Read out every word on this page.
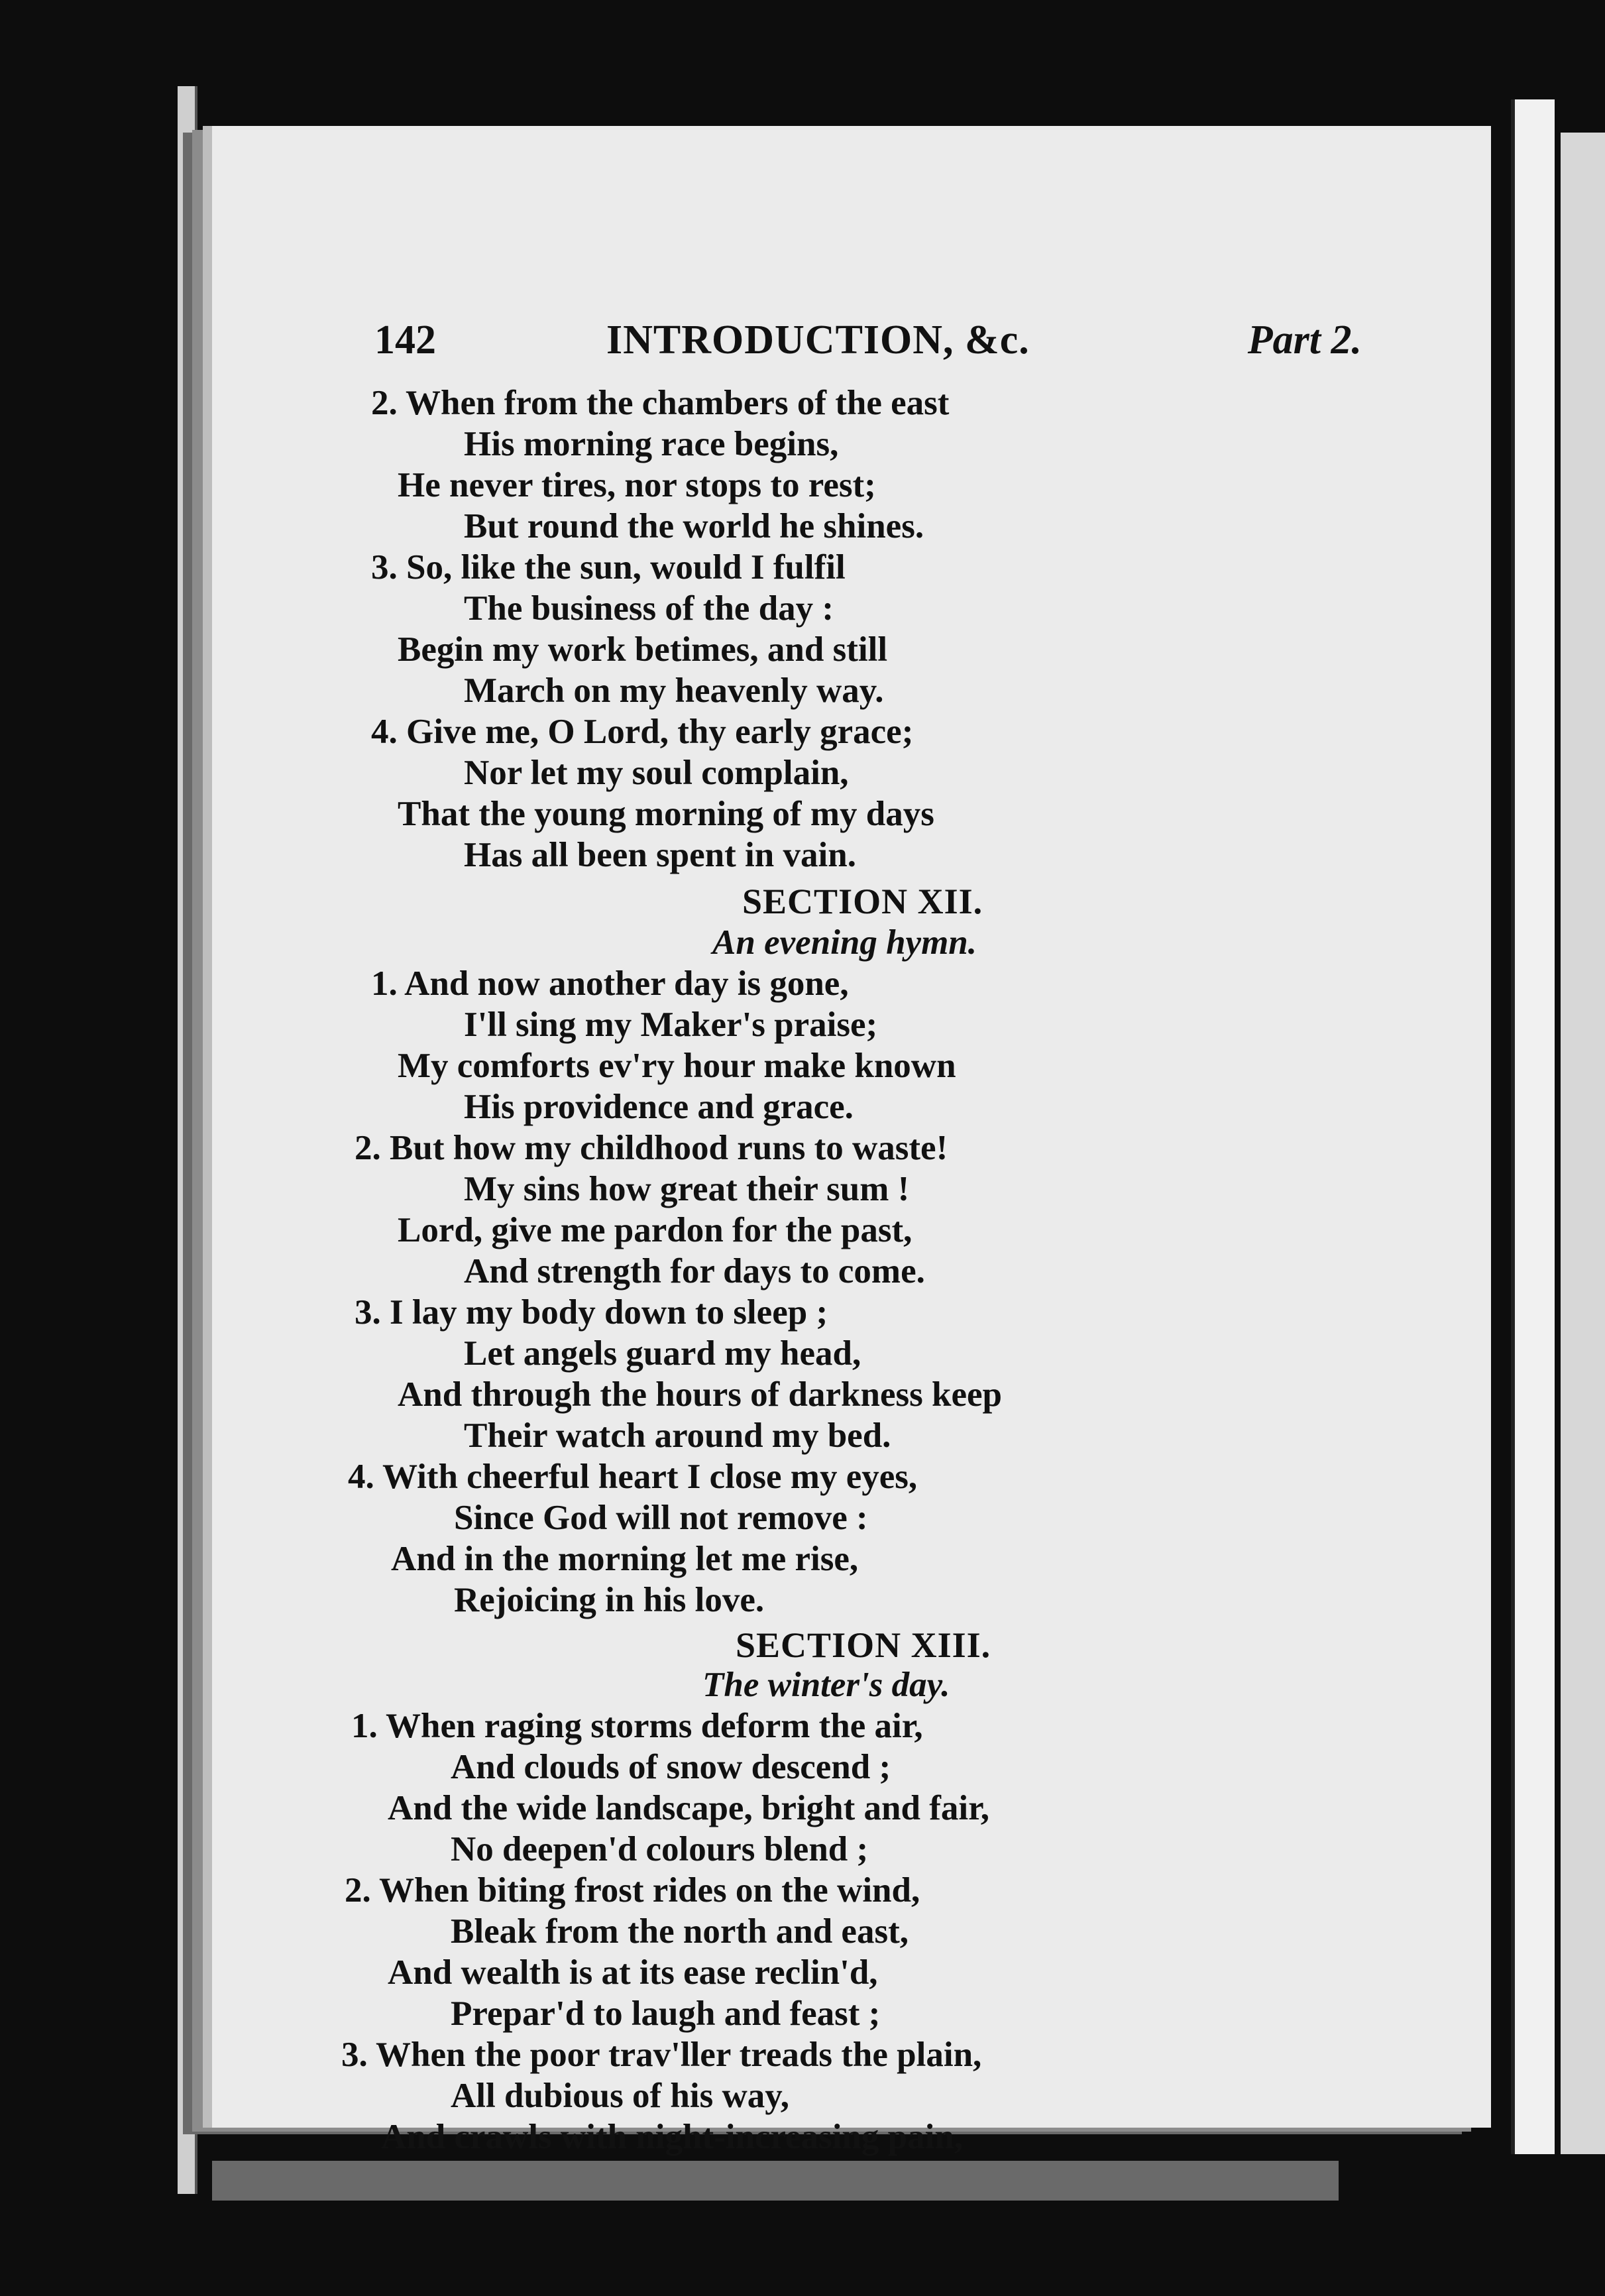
142	INTRODUCTION, &c.	Part 2.
2. When from the chambers of the east
His morning race begins,
He never tires, nor stops to rest;
But round the world he shines.
3. So, like the sun, would I fulfil
The business of the day :
Begin my work betimes, and still
March on my heavenly way.
4. Give me, O Lord, thy early grace;
Nor let my soul complain,
That the young morning of my days
Has all been spent in vain.
SECTION XII.
An evening hymn.
1. And now another day is gone,
I'll sing my Maker's praise;
My comforts ev'ry hour make known
His providence and grace.
2. But how my childhood runs to waste!
My sins how great their sum !
Lord, give me pardon for the past,
And strength for days to come.
3. I lay my body down to sleep ;
Let angels guard my head,
And through the hours of darkness keep
Their watch around my bed.
4. With cheerful heart I close my eyes,
Since God will not remove :
And in the morning let me rise,
Rejoicing in his love.
SECTION XIII.
The winter's day.
1. When raging storms deform the air,
And clouds of snow descend ;
And the wide landscape, bright and fair,
No deepen'd colours blend ;
2. When biting frost rides on the wind,
Bleak from the north and east,
And wealth is at its ease reclin'd,
Prepar'd to laugh and feast ;
3. When the poor trav'ller treads the plain,
All dubious of his way,
And crawls with night-increasing pain,
